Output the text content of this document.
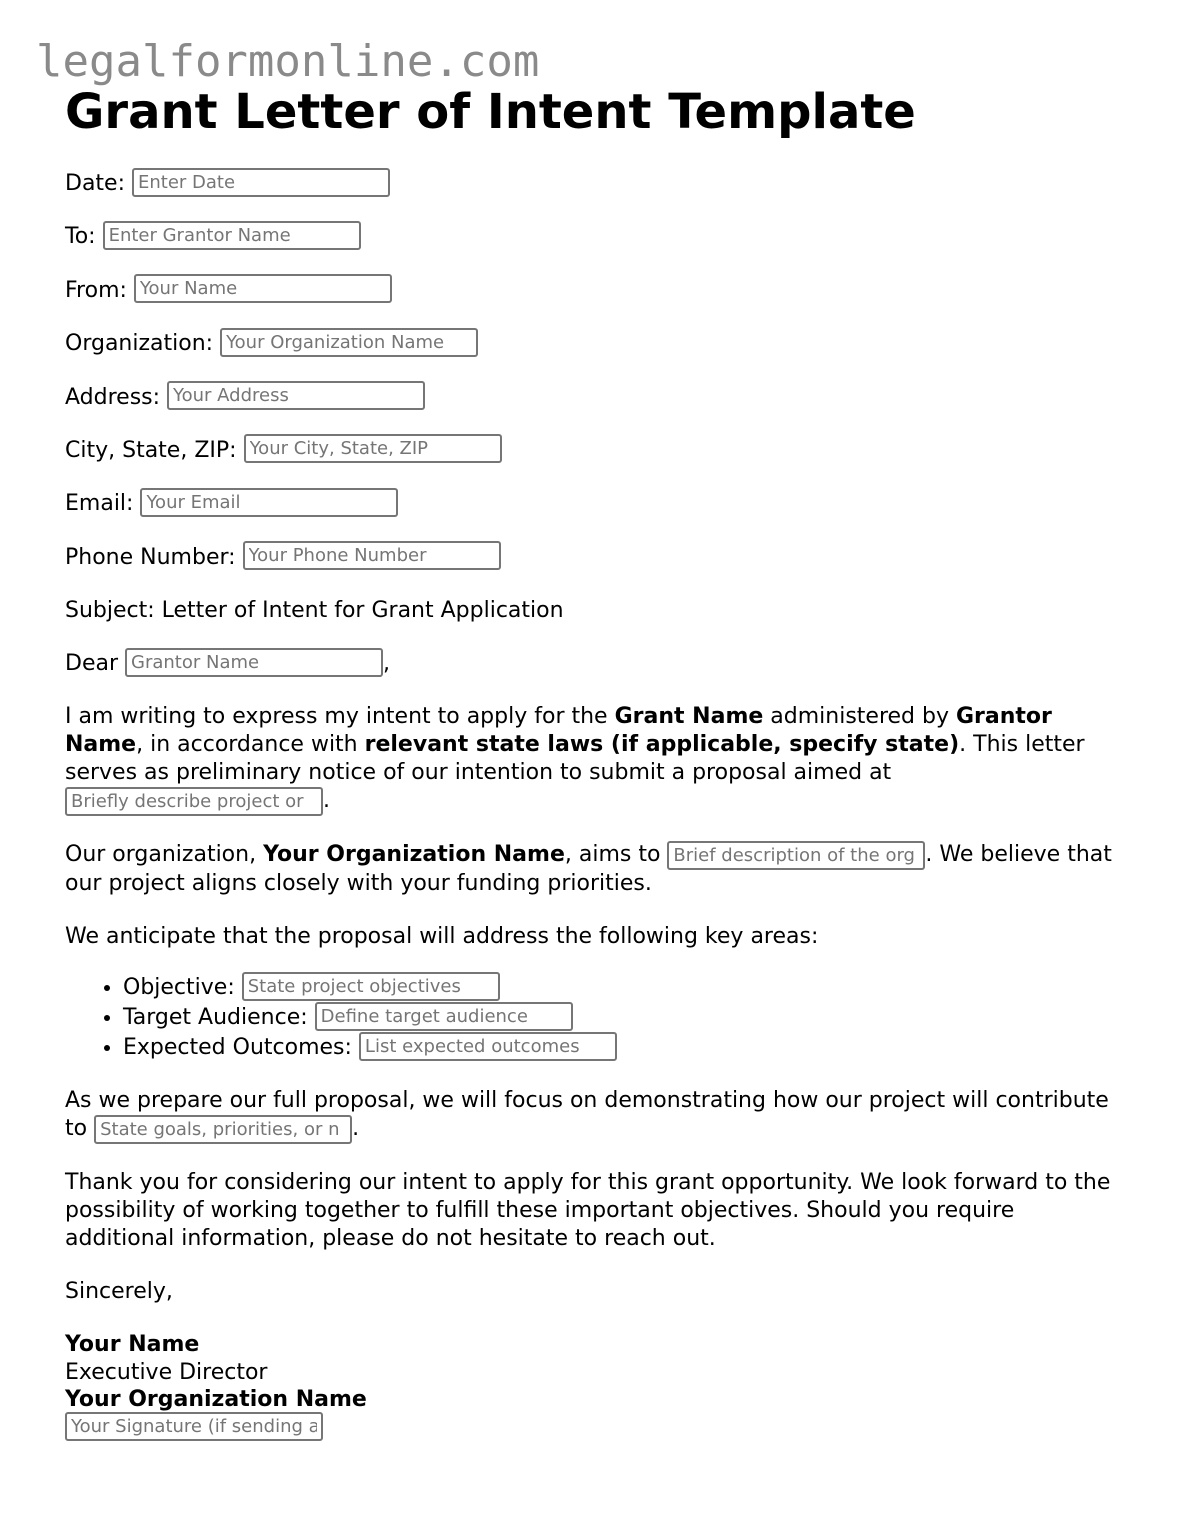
legalformonline.com
Grant Letter of Intent Template
Date: Enter Date
To: Enter Grantor Name
From: Your Name
Organization: Your Organization Name
Address: Your Address
City, State, ZIP: Your City, State, ZIP
Email: Your Email
Phone Number: Your Phone Number

Subject: Letter of Intent for Grant Application

Dear Grantor Name	,

I am writing to express my intent to apply for the Grant Name administered by Grantor Name, in accordance with relevant state laws (if applicable, specify state). This letter serves as preliminary notice of our intention to submit a proposal aimed at Briefly describe project or.

Our organization, Your Organization Name, aims to Brief description of the org	. We believe that our project aligns closely with your funding priorities.

We anticipate that the proposal will address the following key areas:

• Objective: State project objectives
• Target Audience: Define target audience
• Expected Outcomes: List expected outcomes

As we prepare our full proposal, we will focus on demonstrating how our project will contribute to State goals, priorities, or n	.

Thank you for considering our intent to apply for this grant opportunity. We look forward to the possibility of working together to fulfill these important objectives. Should you require additional information, please do not hesitate to reach out.

Sincerely,

Your Name
Executive Director
Your Organization Name
Your Signature (if sending a
